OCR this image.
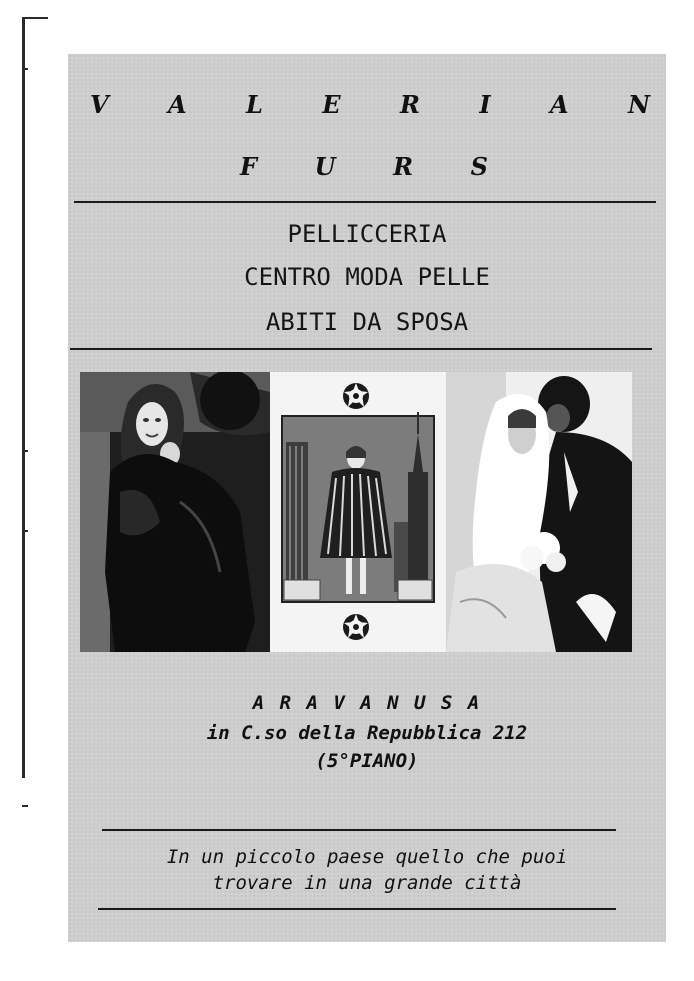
V A L E R I A N
F U R S
PELLICCERIA
CENTRO MODA PELLE
ABITI DA SPOSA
A R A V A N U S A
in C.so della Repubblica 212
(5°PIANO)
In un piccolo paese quello che puoi
trovare in una grande città
